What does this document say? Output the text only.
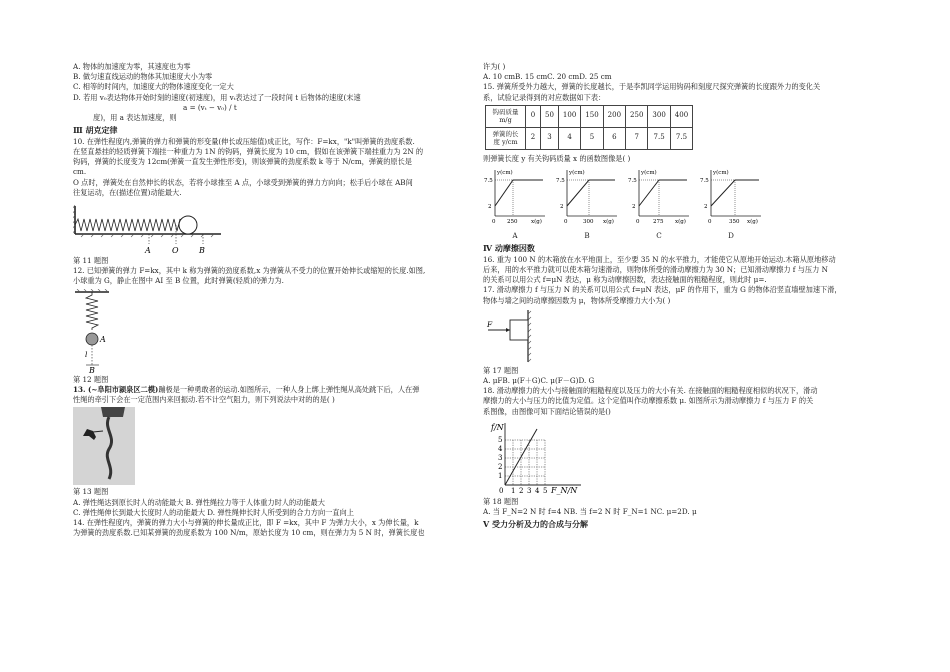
A. 物体的加速度为零，其速度也为零

B. 做匀速直线运动的物体其加速度大小为零

C. 相等的时间内，加速度大的物体速度变化一定大

D. 若用 v₀表达物体开始时刻的速度(初速度)，用 vₜ表达过了一段时间 t 后物体的速度(末速

a = (vₜ − v₀) / t

度)，用 a 表达加速度，则

Ⅲ 胡克定律

10. 在弹性程度内,弹簧的弹力和弹簧的形变量(伸长或压缩值)成正比，写作：F=kx，"k"叫弹簧的劲度系数.

在竖直悬挂的轻质弹簧下端挂一种重力为 1N 的钩码，弹簧长度为 10 cm，假如在该弹簧下端挂重力为 2N 的

钩码，弹簧的长度变为 12cm(弹簧一直发生弹性形变)，则该弹簧的劲度系数 k 等于 N/cm，弹簧的原长是

cm.

O 点时，弹簧处在自然伸长的状态，若将小球推至 A 点，小球受到弹簧的弹力方向向；松手后小球在 AB间

往复运动，在(描述位置)动能最大.

A	O	B

第 11 题图

12. 已知弹簧的弹力 F=kx，其中 k 称为弹簧的劲度系数,x 为弹簧从不受力的位置开始伸长或缩短的长度.如图,

小球重为 G，静止在图中 AI 至 B 位置，此时弹簧(轻质)的弹力为.

A
l
B

第 12 题图

13. (~阜阳市颍泉区二模)蹦极是一种勇敢者的运动.如图所示，一种人身上绑上弹性绳从高处跳下后，人在弹

性绳的牵引下会在一定范围内来回振动.若不计空气阻力，则下列说法中对的的是( )

第 13 题图

A. 弹性绳达到原长时人的动能最大 B. 弹性绳拉力等于人体重力时人的动能最大

C. 弹性绳伸长到最大长度时人的动能最大 D. 弹性绳伸长时人所受到的合力方向一直向上

14. 在弹性程度内，弹簧的弹力大小与弹簧的伸长量成正比，即 F =kx，其中 F 为弹力大小，x 为伸长量，k

为弹簧的劲度系数.已知某弹簧的劲度系数为 100 N/m，原始长度为 10 cm，则在弹力为 5 N 时，弹簧长度也

许为( )

A. 10 cmB. 15 cmC. 20 cmD. 25 cm

15. 弹簧所受外力越大，弹簧的长度越长，于是李凯同学运用钩码和刻度尺探究弹簧的长度跟外力的变化关

系，试验记录得到的对应数据如下表：

钩码质量 m/g	0	50	100	150	200	250	300	400
弹簧的长度 y/cm	2	3	4	5	6	7	7.5	7.5

则弹簧长度 y 有关钩码质量 x 的函数图像是( )

y(cm)
7.5
2
0 250 x(g)
A
y(cm)
7.5
2
0	300 x(g)
B
y(cm)
7.5
2
0 275 x(g)
C
y(cm)
7.5
2
0	350 x(g)
D

Ⅳ 动摩擦因数

16. 重为 100 N 的木箱放在水平地面上，至少要 35 N 的水平推力，才能使它从原地开始运动.木箱从原地移动

后来，用的水平推力就可以使木箱匀速滑动，则物体所受的滑动摩擦力为 30 N；已知滑动摩擦力 f 与压力 N

的关系可以用公式 f=μN 表达，μ 称为动摩擦因数，表达接触面的粗糙程度，则此时 μ=.

17. 滑动摩擦力 f 与压力 N 的关系可以用公式 f=μN 表达，μF 的作用下，重为 G 的物体沿竖直墙壁加速下滑，

物体与墙之间的动摩擦因数为 μ，物体所受摩擦力大小为( )

F

第 17 题图

A. μFB. μ(F＋G)C. μ(F－G)D. G

18. 滑动摩擦力的大小与接触面的粗糙程度以及压力的大小有关. 在接触面的粗糙程度相似的状况下，滑动

摩擦力的大小与压力的比值为定值。这个定值叫作动摩擦系数 μ. 如图所示为滑动摩擦力 f 与压力 F 的关

系图像，由图像可知下面结论错误的是()

f/N
1
2
3
4
5
0 1 2 3 4 5 F_N/N

第 18 题图

A. 当 F_N=2 N 时 f=4 NB. 当 f=2 N 时 F_N=1 NC. μ=2D. μ

Ⅴ 受力分析及力的合成与分解
